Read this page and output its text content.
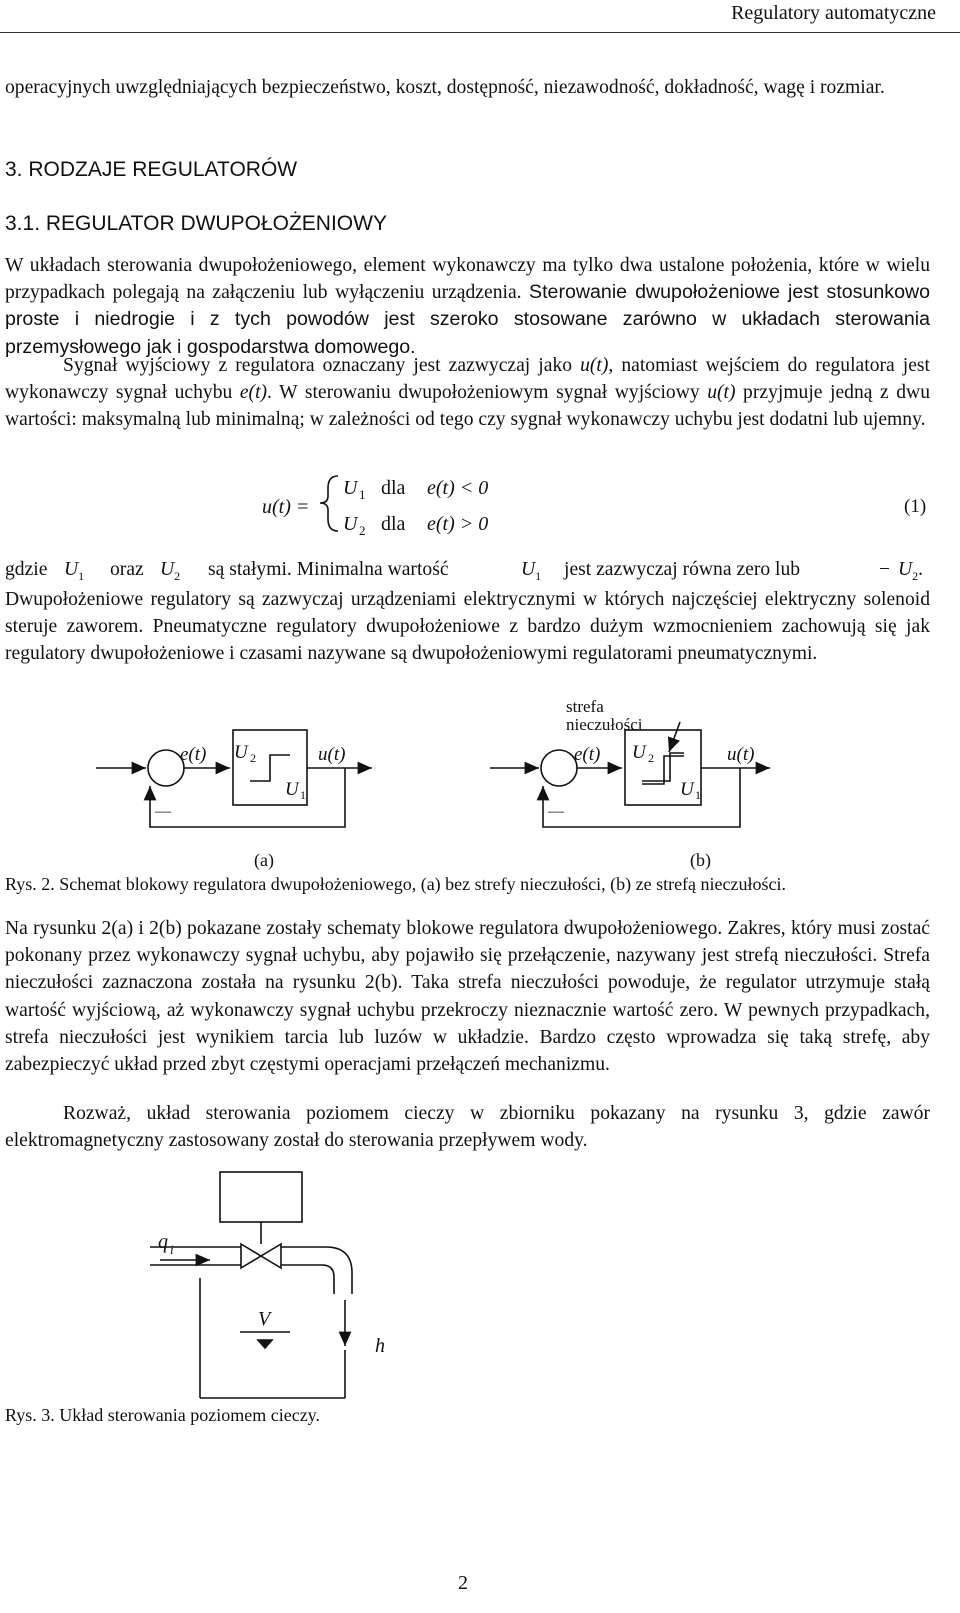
Regulatory automatyczne
operacyjnych uwzględniających bezpieczeństwo, koszt, dostępność, niezawodność, dokładność, wagę i rozmiar.
3. RODZAJE REGULATORÓW
3.1. REGULATOR DWUPOŁOŻENIOWY
W układach sterowania dwupołożeniowego, element wykonawczy ma tylko dwa ustalone położenia, które w wielu przypadkach polegają na załączeniu lub wyłączeniu urządzenia. Sterowanie dwupołożeniowe jest stosunkowo proste i niedrogie i z tych powodów jest szeroko stosowane zarówno w układach sterowania przemysłowego jak i gospodarstwa domowego.
Sygnał wyjściowy z regulatora oznaczany jest zazwyczaj jako u(t), natomiast wejściem do regulatora jest wykonawczy sygnał uchybu e(t). W sterowaniu dwupołożeniowym sygnał wyjściowy u(t) przyjmuje jedną z dwu wartości: maksymalną lub minimalną; w zależności od tego czy sygnał wykonawczy uchybu jest dodatni lub ujemny.
u(t) =
U 1 dla e(t) < 0
U 2 dla e(t) > 0
(1)
gdzie $U_1$ oraz $U_2$ są stałymi. Minimalna wartość	$U_1$ jest zazwyczaj równa zero lub	− $U_2$.
Dwupołożeniowe regulatory są zazwyczaj urządzeniami elektrycznymi w których najczęściej elektryczny solenoid steruje zaworem. Pneumatyczne regulatory dwupołożeniowe z bardzo dużym wzmocnieniem zachowują się jak regulatory dwupołożeniowe i czasami nazywane są dwupołożeniowymi regulatorami pneumatycznymi.
e(t) U 2
U 1
u(t)
—
(a)
strefa
nieczułości
e(t) U 2
U 1
u(t)
—
(b)
Rys. 2. Schemat blokowy regulatora dwupołożeniowego, (a) bez strefy nieczułości, (b) ze strefą nieczułości.
Na rysunku 2(a) i 2(b) pokazane zostały schematy blokowe regulatora dwupołożeniowego. Zakres, który musi zostać pokonany przez wykonawczy sygnał uchybu, aby pojawiło się przełączenie, nazywany jest strefą nieczułości. Strefa nieczułości zaznaczona została na rysunku 2(b). Taka strefa nieczułości powoduje, że regulator utrzymuje stałą wartość wyjściową, aż wykonawczy sygnał uchybu przekroczy nieznacznie wartość zero. W pewnych przypadkach, strefa nieczułości jest wynikiem tarcia lub luzów w układzie. Bardzo często wprowadza się taką strefę, aby zabezpieczyć układ przed zbyt częstymi operacjami przełączeń mechanizmu.
Rozważ, układ sterowania poziomem cieczy w zbiorniku pokazany na rysunku 3, gdzie zawór elektromagnetyczny zastosowany został do sterowania przepływem wody.
q i
V
h
Rys. 3. Układ sterowania poziomem cieczy.
2
